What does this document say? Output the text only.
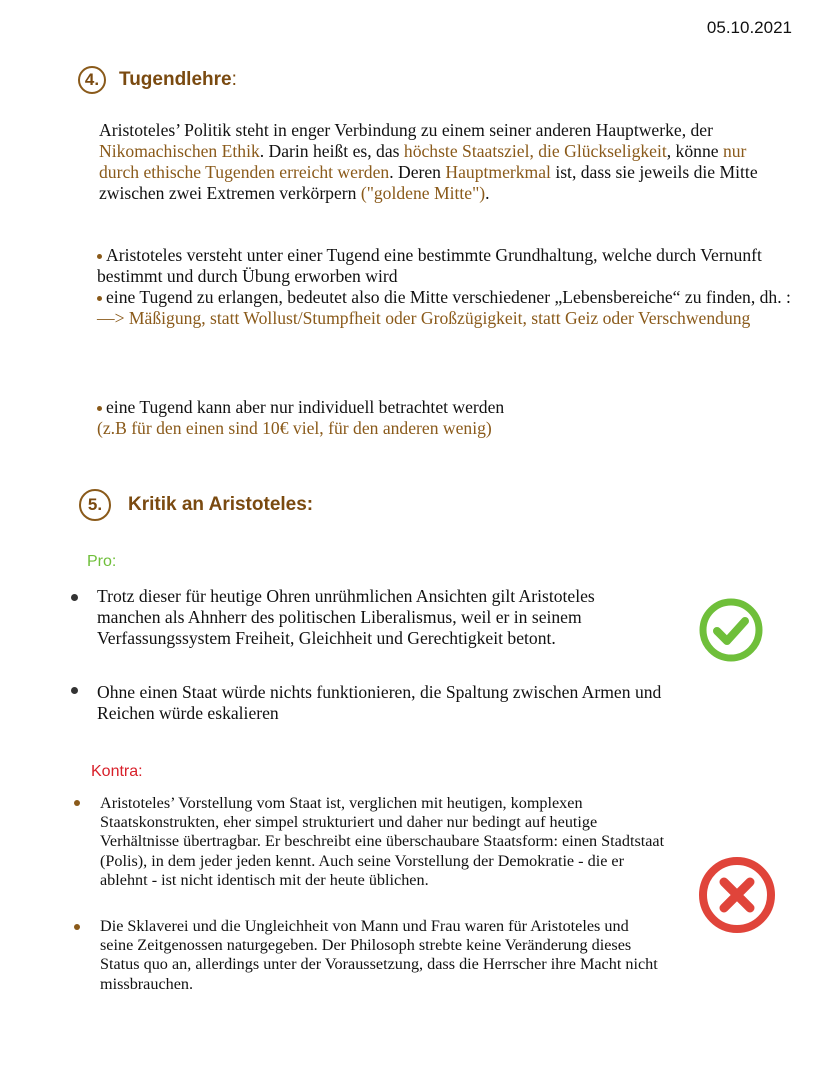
05.10.2021
4.	Tugendlehre:
Aristoteles’ Politik steht in enger Verbindung zu einem seiner anderen Hauptwerke, der Nikomachischen Ethik. Darin heißt es, das höchste Staatsziel, die Glückseligkeit, könne nur durch ethische Tugenden erreicht werden. Deren Hauptmerkmal ist, dass sie jeweils die Mitte zwischen zwei Extremen verkörpern ("goldene Mitte").
Aristoteles versteht unter einer Tugend eine bestimmte Grundhaltung, welche durch Vernunft bestimmt und durch Übung erworben wird
eine Tugend zu erlangen, bedeutet also die Mitte verschiedener „Lebensbereiche“ zu finden, dh. :
—> Mäßigung, statt Wollust/Stumpfheit oder Großzügigkeit, statt Geiz oder Verschwendung
eine Tugend kann aber nur individuell betrachtet werden
(z.B für den einen sind 10€ viel, für den anderen wenig)
5.	Kritik an Aristoteles:
Pro:
Trotz dieser für heutige Ohren unrühmlichen Ansichten gilt Aristoteles manchen als Ahnherr des politischen Liberalismus, weil er in seinem Verfassungssystem Freiheit, Gleichheit und Gerechtigkeit betont.
Ohne einen Staat würde nichts funktionieren, die Spaltung zwischen Armen und Reichen würde eskalieren
Kontra:
Aristoteles’ Vorstellung vom Staat ist, verglichen mit heutigen, komplexen Staatskonstrukten, eher simpel strukturiert und daher nur bedingt auf heutige Verhältnisse übertragbar. Er beschreibt eine überschaubare Staatsform: einen Stadtstaat (Polis), in dem jeder jeden kennt. Auch seine Vorstellung der Demokratie - die er ablehnt - ist nicht identisch mit der heute üblichen.
Die Sklaverei und die Ungleichheit von Mann und Frau waren für Aristoteles und seine Zeitgenossen naturgegeben. Der Philosoph strebte keine Veränderung dieses Status quo an, allerdings unter der Voraussetzung, dass die Herrscher ihre Macht nicht missbrauchen.
